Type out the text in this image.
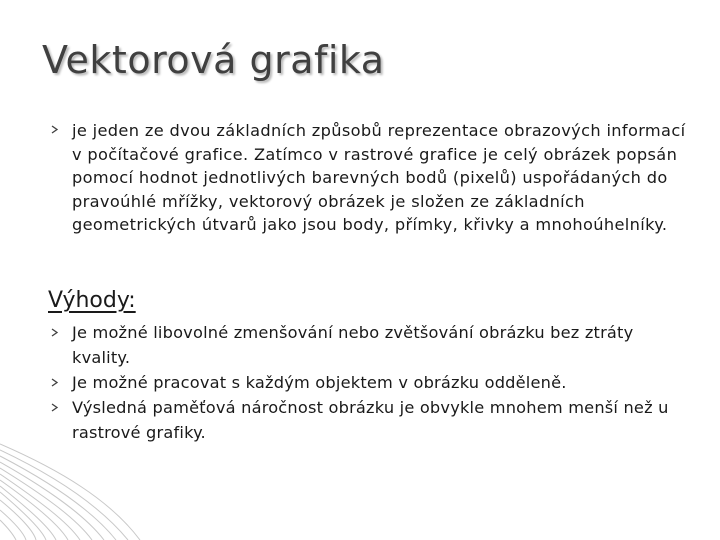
Vektorová grafika

je jeden ze dvou základních způsobů reprezentace obrazových informací v počítačové grafice. Zatímco v rastrové grafice je celý obrázek popsán pomocí hodnot jednotlivých barevných bodů (pixelů) uspořádaných do pravoúhlé mřížky, vektorový obrázek je složen ze základních geometrických útvarů jako jsou body, přímky, křivky a mnohoúhelníky.

Výhody:
Je možné libovolné zmenšování nebo zvětšování obrázku bez ztráty kvality.
Je možné pracovat s každým objektem v obrázku odděleně.
Výsledná paměťová náročnost obrázku je obvykle mnohem menší než u rastrové grafiky.
